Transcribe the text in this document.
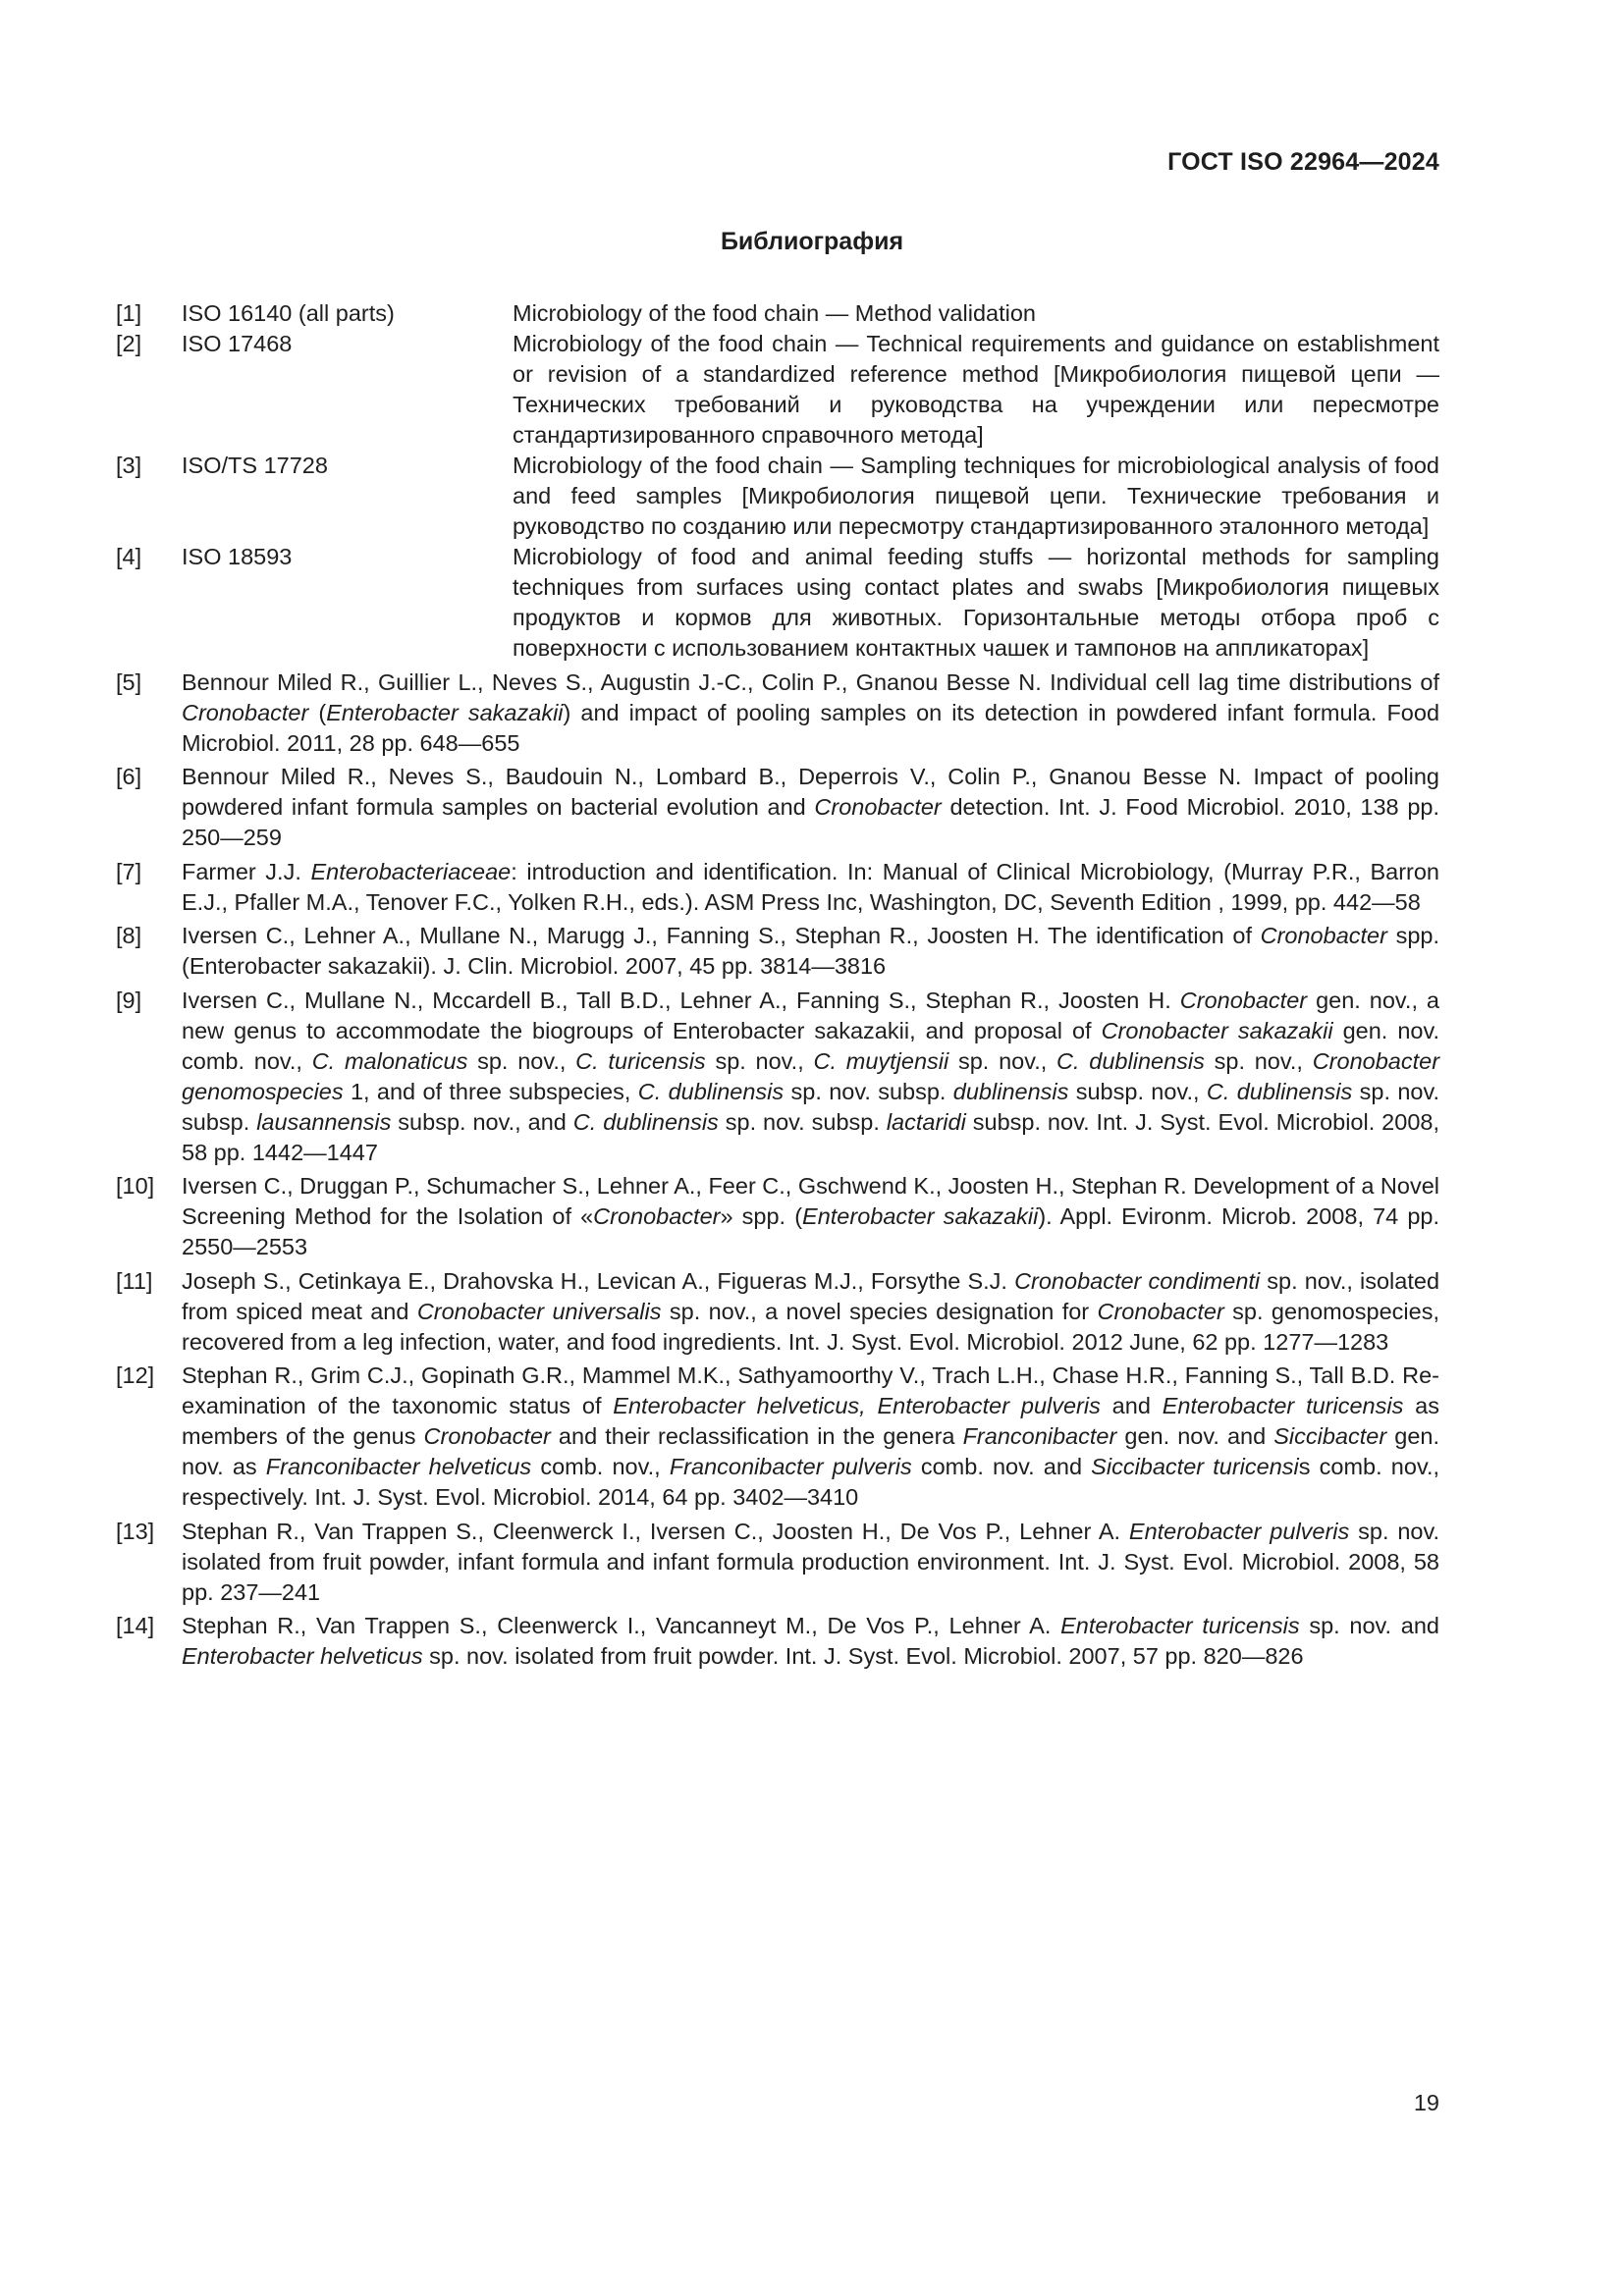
ГОСТ ISO 22964—2024
Библиография
[1] ISO 16140 (all parts)	Microbiology of the food chain — Method validation
[2] ISO 17468	Microbiology of the food chain — Technical requirements and guidance on establishment or revision of a standardized reference method [Микробиология пищевой цепи — Технических требований и руководства на учреждении или пересмотре стандартизированного справочного метода]
[3] ISO/TS 17728	Microbiology of the food chain — Sampling techniques for microbiological analysis of food and feed samples [Микробиология пищевой цепи. Технические требования и руководство по созданию или пересмотру стандартизированного эталонного метода]
[4] ISO 18593	Microbiology of food and animal feeding stuffs — horizontal methods for sampling techniques from surfaces using contact plates and swabs [Микробиология пищевых продуктов и кормов для животных. Горизонтальные методы отбора проб с поверхности с использованием контактных чашек и тампонов на аппликаторах]
[5] Bennour Miled R., Guillier L., Neves S., Augustin J.-C., Colin P., Gnanou Besse N. Individual cell lag time distributions of Cronobacter (Enterobacter sakazakii) and impact of pooling samples on its detection in powdered infant formula. Food Microbiol. 2011, 28 pp. 648—655
[6] Bennour Miled R., Neves S., Baudouin N., Lombard B., Deperrois V., Colin P., Gnanou Besse N. Impact of pooling powdered infant formula samples on bacterial evolution and Cronobacter detection. Int. J. Food Microbiol. 2010, 138 pp. 250—259
[7] Farmer J.J. Enterobacteriaceae: introduction and identification. In: Manual of Clinical Microbiology, (Murray P.R., Barron E.J., Pfaller M.A., Tenover F.C., Yolken R.H., eds.). ASM Press Inc, Washington, DC, Seventh Edition , 1999, pp. 442—58
[8] Iversen C., Lehner A., Mullane N., Marugg J., Fanning S., Stephan R., Joosten H. The identification of Cronobacter spp. (Enterobacter sakazakii). J. Clin. Microbiol. 2007, 45 pp. 3814—3816
[9] Iversen C., Mullane N., Mccardell B., Tall B.D., Lehner A., Fanning S., Stephan R., Joosten H. Cronobacter gen. nov., a new genus to accommodate the biogroups of Enterobacter sakazakii, and proposal of Cronobacter sakazakii gen. nov. comb. nov., C. malonaticus sp. nov., C. turicensis sp. nov., C. muytjensii sp. nov., C. dublinensis sp. nov., Cronobacter genomospecies 1, and of three subspecies, C. dublinensis sp. nov. subsp. dublinensis subsp. nov., C. dublinensis sp. nov. subsp. lausannensis subsp. nov., and C. dublinensis sp. nov. subsp. lactaridi subsp. nov. Int. J. Syst. Evol. Microbiol. 2008, 58 pp. 1442—1447
[10] Iversen C., Druggan P., Schumacher S., Lehner A., Feer C., Gschwend K., Joosten H., Stephan R. Development of a Novel Screening Method for the Isolation of «Cronobacter» spp. (Enterobacter sakazakii). Appl. Evironm. Microb. 2008, 74 pp. 2550—2553
[11] Joseph S., Cetinkaya E., Drahovska H., Levican A., Figueras M.J., Forsythe S.J. Cronobacter condimenti sp. nov., isolated from spiced meat and Cronobacter universalis sp. nov., a novel species designation for Cronobacter sp. genomospecies, recovered from a leg infection, water, and food ingredients. Int. J. Syst. Evol. Microbiol. 2012 June, 62 pp. 1277—1283
[12] Stephan R., Grim C.J., Gopinath G.R., Mammel M.K., Sathyamoorthy V., Trach L.H., Chase H.R., Fanning S., Tall B.D. Re-examination of the taxonomic status of Enterobacter helveticus, Enterobacter pulveris and Enterobacter turicensis as members of the genus Cronobacter and their reclassification in the genera Franconibacter gen. nov. and Siccibacter gen. nov. as Franconibacter helveticus comb. nov., Franconibacter pulveris comb. nov. and Siccibacter turicensis comb. nov., respectively. Int. J. Syst. Evol. Microbiol. 2014, 64 pp. 3402—3410
[13] Stephan R., Van Trappen S., Cleenwerck I., Iversen C., Joosten H., De Vos P., Lehner A. Enterobacter pulveris sp. nov. isolated from fruit powder, infant formula and infant formula production environment. Int. J. Syst. Evol. Microbiol. 2008, 58 pp. 237—241
[14] Stephan R., Van Trappen S., Cleenwerck I., Vancanneyt M., De Vos P., Lehner A. Enterobacter turicensis sp. nov. and Enterobacter helveticus sp. nov. isolated from fruit powder. Int. J. Syst. Evol. Microbiol. 2007, 57 pp. 820—826
19
